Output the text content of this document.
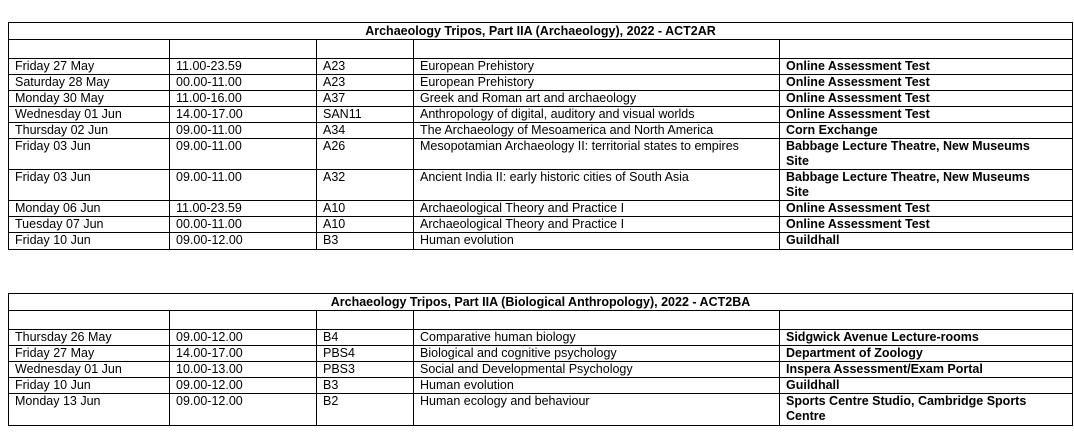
Archaeology Tripos, Part IIA (Archaeology), 2022 - ACT2AR
Friday 27 May	11.00-23.59	A23	European Prehistory	Online Assessment Test
Saturday 28 May	00.00-11.00	A23	European Prehistory	Online Assessment Test
Monday 30 May	11.00-16.00	A37	Greek and Roman art and archaeology	Online Assessment Test
Wednesday 01 Jun	14.00-17.00	SAN11	Anthropology of digital, auditory and visual worlds	Online Assessment Test
Thursday 02 Jun	09.00-11.00	A34	The Archaeology of Mesoamerica and North America	Corn Exchange
Friday 03 Jun	09.00-11.00	A26	Mesopotamian Archaeology II: territorial states to empires	Babbage Lecture Theatre, New Museums Site
Friday 03 Jun	09.00-11.00	A32	Ancient India II: early historic cities of South Asia	Babbage Lecture Theatre, New Museums Site
Monday 06 Jun	11.00-23.59	A10	Archaeological Theory and Practice I	Online Assessment Test
Tuesday 07 Jun	00.00-11.00	A10	Archaeological Theory and Practice I	Online Assessment Test
Friday 10 Jun	09.00-12.00	B3	Human evolution	Guildhall
Archaeology Tripos, Part IIA (Biological Anthropology), 2022 - ACT2BA
Thursday 26 May	09.00-12.00	B4	Comparative human biology	Sidgwick Avenue Lecture-rooms
Friday 27 May	14.00-17.00	PBS4	Biological and cognitive psychology	Department of Zoology
Wednesday 01 Jun	10.00-13.00	PBS3	Social and Developmental Psychology	Inspera Assessment/Exam Portal
Friday 10 Jun	09.00-12.00	B3	Human evolution	Guildhall
Monday 13 Jun	09.00-12.00	B2	Human ecology and behaviour	Sports Centre Studio, Cambridge Sports Centre
